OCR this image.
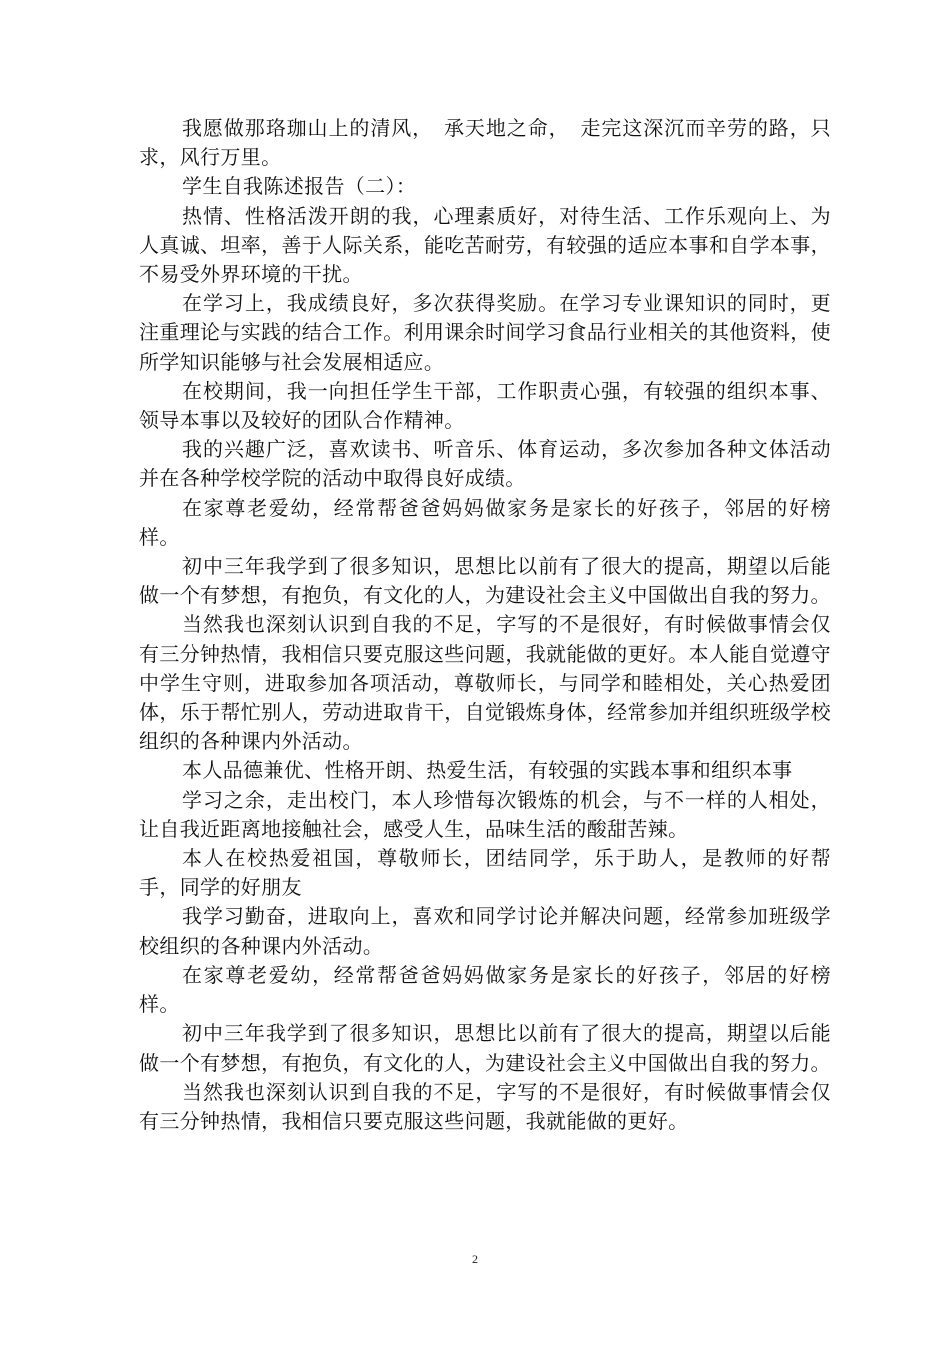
我愿做那珞珈山上的清风，　承天地之命，　走完这深沉而辛劳的路，只求，风行万里。

学生自我陈述报告（二）：

热情、性格活泼开朗的我，心理素质好，对待生活、工作乐观向上、为人真诚、坦率，善于人际关系，能吃苦耐劳，有较强的适应本事和自学本事，不易受外界环境的干扰。

在学习上，我成绩良好，多次获得奖励。在学习专业课知识的同时，更注重理论与实践的结合工作。利用课余时间学习食品行业相关的其他资料，使所学知识能够与社会发展相适应。

在校期间，我一向担任学生干部，工作职责心强，有较强的组织本事、领导本事以及较好的团队合作精神。

我的兴趣广泛，喜欢读书、听音乐、体育运动，多次参加各种文体活动并在各种学校学院的活动中取得良好成绩。

在家尊老爱幼，经常帮爸爸妈妈做家务是家长的好孩子，邻居的好榜样。

初中三年我学到了很多知识，思想比以前有了很大的提高，期望以后能做一个有梦想，有抱负，有文化的人，为建设社会主义中国做出自我的努力。

当然我也深刻认识到自我的不足，字写的不是很好，有时候做事情会仅有三分钟热情，我相信只要克服这些问题，我就能做的更好。本人能自觉遵守中学生守则，进取参加各项活动，尊敬师长，与同学和睦相处，关心热爱团体，乐于帮忙别人，劳动进取肯干，自觉锻炼身体，经常参加并组织班级学校组织的各种课内外活动。

本人品德兼优、性格开朗、热爱生活，有较强的实践本事和组织本事

学习之余，走出校门，本人珍惜每次锻炼的机会，与不一样的人相处，让自我近距离地接触社会，感受人生，品味生活的酸甜苦辣。

本人在校热爱祖国，尊敬师长，团结同学，乐于助人，是教师的好帮手，同学的好朋友

我学习勤奋，进取向上，喜欢和同学讨论并解决问题，经常参加班级学校组织的各种课内外活动。

在家尊老爱幼，经常帮爸爸妈妈做家务是家长的好孩子，邻居的好榜样。

初中三年我学到了很多知识，思想比以前有了很大的提高，期望以后能做一个有梦想，有抱负，有文化的人，为建设社会主义中国做出自我的努力。

当然我也深刻认识到自我的不足，字写的不是很好，有时候做事情会仅有三分钟热情，我相信只要克服这些问题，我就能做的更好。

2
